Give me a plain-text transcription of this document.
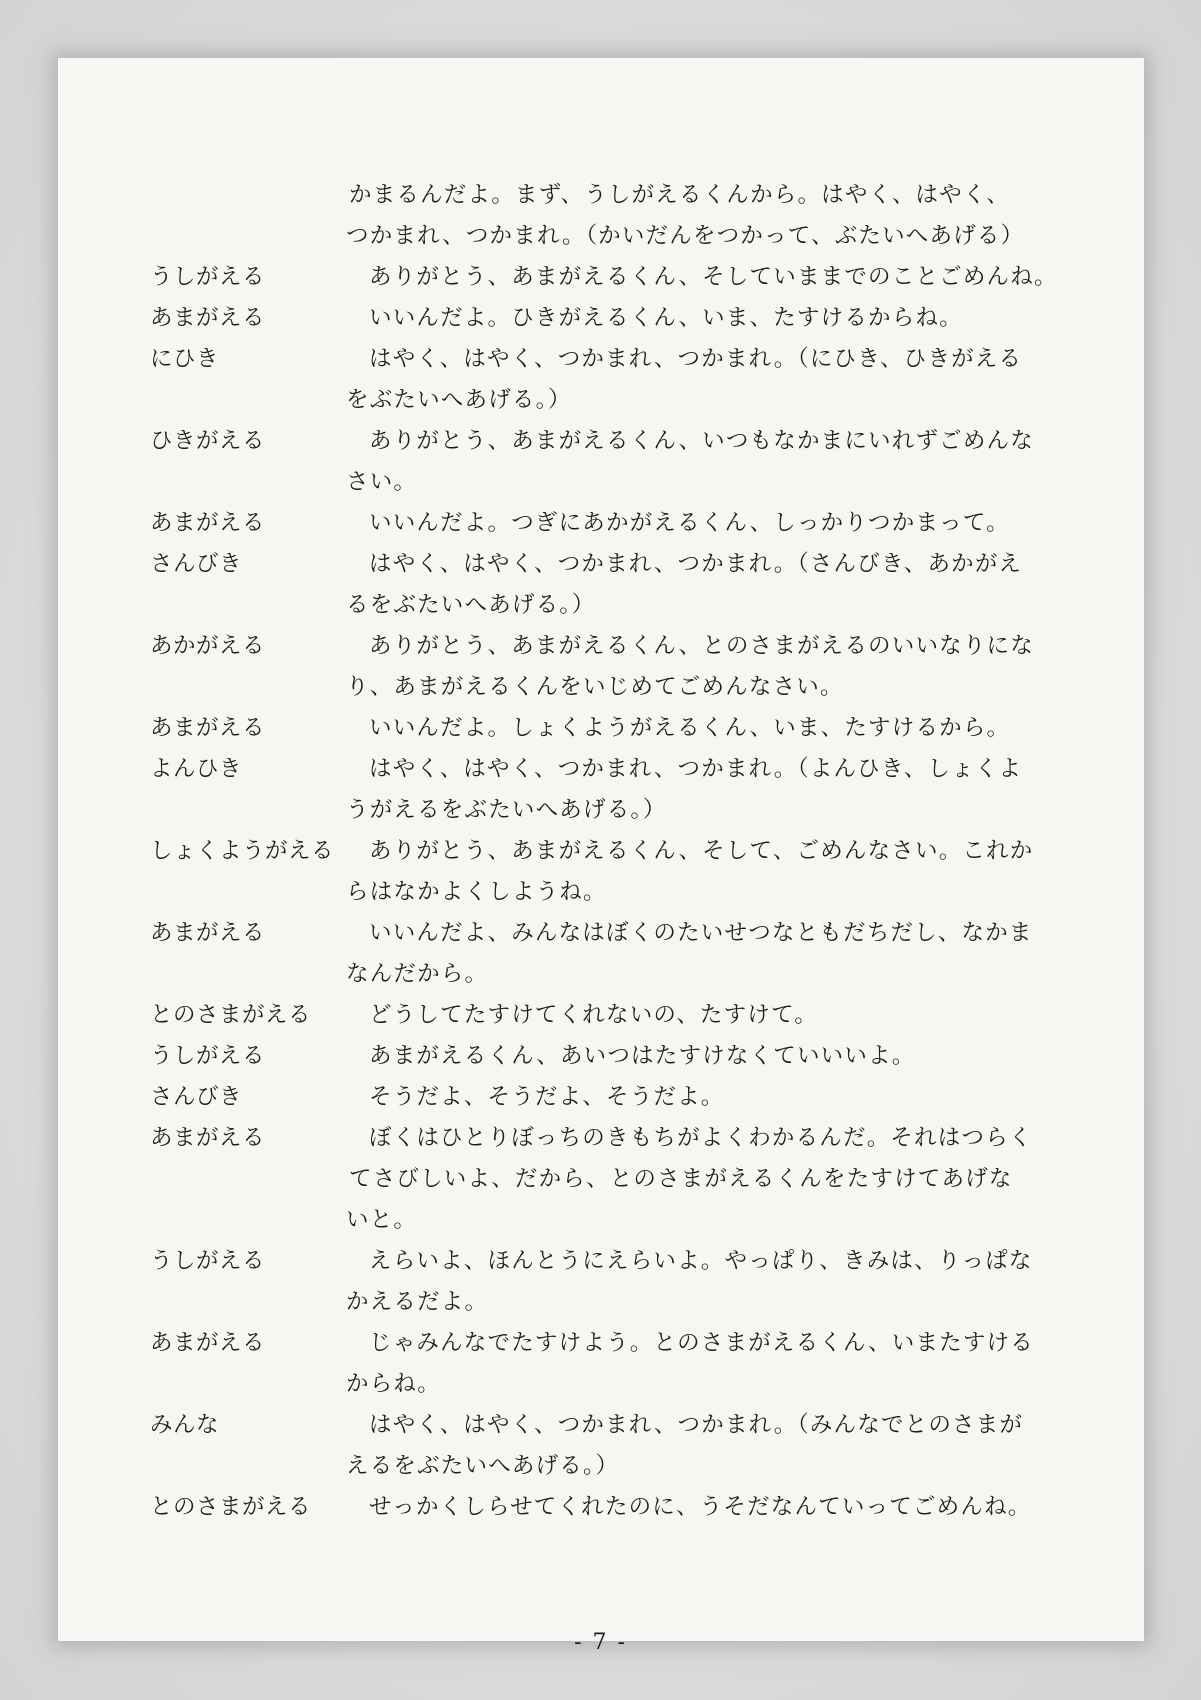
かまるんだよ。まず、うしがえるくんから。はやく、はやく、
つかまれ、つかまれ。（かいだんをつかって、ぶたいへあげる）
うしがえる	ありがとう、あまがえるくん、そしていままでのことごめんね。
あまがえる	いいんだよ。ひきがえるくん、いま、たすけるからね。
にひき	はやく、はやく、つかまれ、つかまれ。（にひき、ひきがえる
をぶたいへあげる。）
ひきがえる	ありがとう、あまがえるくん、いつもなかまにいれずごめんな
さい。
あまがえる	いいんだよ。つぎにあかがえるくん、しっかりつかまって。
さんびき	はやく、はやく、つかまれ、つかまれ。（さんびき、あかがえ
るをぶたいへあげる。）
あかがえる	ありがとう、あまがえるくん、とのさまがえるのいいなりにな
り、あまがえるくんをいじめてごめんなさい。
あまがえる	いいんだよ。しょくようがえるくん、いま、たすけるから。
よんひき	はやく、はやく、つかまれ、つかまれ。（よんひき、しょくよ
うがえるをぶたいへあげる。）
しょくようがえる	ありがとう、あまがえるくん、そして、ごめんなさい。これか
らはなかよくしようね。
あまがえる	いいんだよ、みんなはぼくのたいせつなともだちだし、なかま
なんだから。
とのさまがえる	どうしてたすけてくれないの、たすけて。
うしがえる	あまがえるくん、あいつはたすけなくていいいよ。
さんびき	そうだよ、そうだよ、そうだよ。
あまがえる	ぼくはひとりぼっちのきもちがよくわかるんだ。それはつらく
てさびしいよ、だから、とのさまがえるくんをたすけてあげな
いと。
うしがえる	えらいよ、ほんとうにえらいよ。やっぱり、きみは、りっぱな
かえるだよ。
あまがえる	じゃみんなでたすけよう。とのさまがえるくん、いまたすける
からね。
みんな	はやく、はやく、つかまれ、つかまれ。（みんなでとのさまが
えるをぶたいへあげる。）
とのさまがえる	せっかくしらせてくれたのに、うそだなんていってごめんね。
- 7 -
